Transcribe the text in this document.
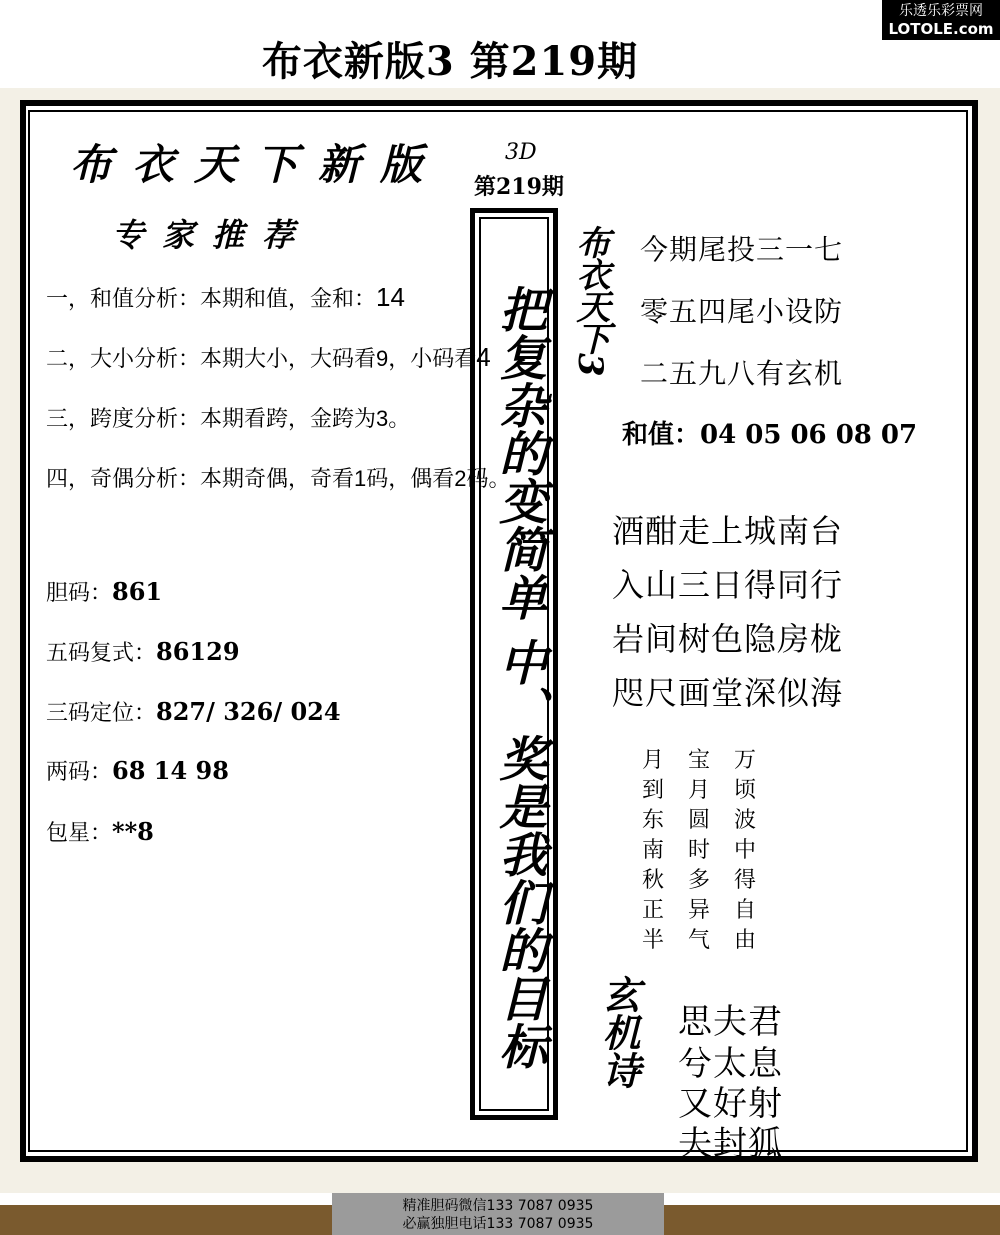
布衣新版3 第219期
乐透乐彩票网
LOTOLE.com
布衣天下新版
专家推荐
一，和值分析：本期和值，金和：14
二，大小分析：本期大小，大码看9，小码看4
三，跨度分析：本期看跨，金跨为3。
四，奇偶分析：本期奇偶，奇看1码，偶看2码。
胆码：861
五码复式：86129
三码定位：827/ 326/ 024
两码：68 14 98
包星：**8
3D
第219期
把复杂的变简单 中、奖是我们的目标 布衣天下3 今期尾投三一七
零五四尾小设防
二五九八有玄机
和值：04 05 06 08 07
酒酣走上城南台
入山三日得同行
岩间树色隐房栊
咫尺画堂深似海
月
到
东
南
秋
正
半
宝
月
圆
时
多
异
气
万
顷
波
中
得
自
由
玄机诗 思夫君
兮太息
又好射
夫封狐
精准胆码微信133 7087 0935
必赢独胆电话133 7087 0935
